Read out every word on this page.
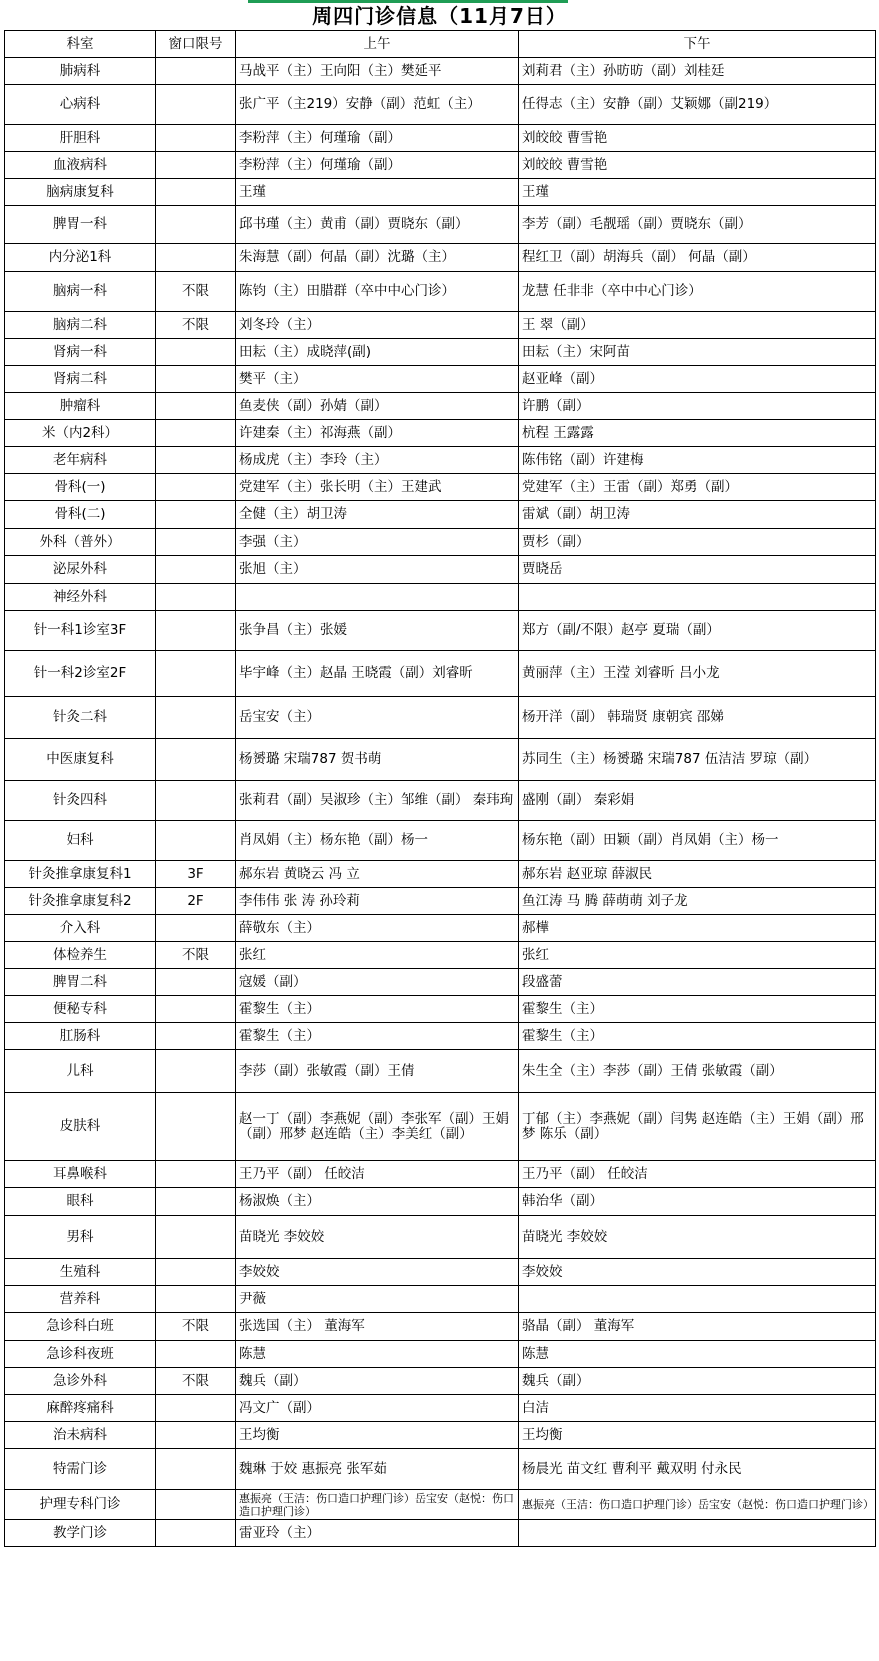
周四门诊信息（11月7日）
科室	窗口限号	上午	下午
肺病科		马战平（主）王向阳（主）樊延平	刘莉君（主）孙昉昉（副）刘桂廷
心病科		张广平（主219）安静（副）范虹（主）	任得志（主）安静（副）艾颖娜（副219）
肝胆科		李粉萍（主）何瑾瑜（副）	刘皎皎 曹雪艳
血液病科		李粉萍（主）何瑾瑜（副）	刘皎皎 曹雪艳
脑病康复科		王瑾	王瑾
脾胃一科		邱书瑾（主）黄甫（副）贾晓东（副）	李芳（副）毛靓瑶（副）贾晓东（副）
内分泌1科		朱海慧（副）何晶（副）沈璐（主）	程红卫（副）胡海兵（副） 何晶（副）
脑病一科	不限	陈钧（主）田腊群（卒中中心门诊）	龙慧 任非非（卒中中心门诊）
脑病二科	不限	刘冬玲（主）	王 翠（副）
肾病一科		田耘（主）成晓萍(副)	田耘（主）宋阿苗
肾病二科		樊平（主）	赵亚峰（副）
肿瘤科		鱼麦侠（副）孙婧（副）	许鹏（副）
米（内2科）		许建秦（主）祁海燕（副）	杭程 王露露
老年病科		杨成虎（主）李玲（主）	陈伟铭（副）许建梅
骨科(一)		党建军（主）张长明（主）王建武	党建军（主）王雷（副）郑勇（副）
骨科(二)		全健（主）胡卫涛	雷斌（副）胡卫涛
外科（普外）		李强（主）	贾杉（副）
泌尿外科		张旭（主）	贾晓岳
神经外科			
针一科1诊室3F		张争昌（主）张媛	郑方（副/不限）赵亭 夏瑞（副）
针一科2诊室2F		毕宇峰（主）赵晶 王晓霞（副）刘睿昕	黄丽萍（主）王滢 刘睿昕 吕小龙
针灸二科		岳宝安（主）	杨开洋（副） 韩瑞贤 康朝宾 邵娣
中医康复科		杨赟璐 宋瑞787 贺书萌	苏同生（主）杨赟璐 宋瑞787 伍洁洁 罗琼（副）
针灸四科		张莉君（副）吴淑珍（主）邹维（副） 秦玮珣	盛刚（副） 秦彩娟
妇科		肖凤娟（主）杨东艳（副）杨一	杨东艳（副）田颖（副）肖凤娟（主）杨一
针灸推拿康复科1	3F	郝东岩 黄晓云 冯 立	郝东岩 赵亚琼 薛淑民
针灸推拿康复科2	2F	李伟伟 张 涛 孙玲莉	鱼江涛 马 腾 薛萌萌 刘子龙
介入科		薛敬东（主）	郝樺
体检养生	不限	张红	张红
脾胃二科		寇媛（副）	段盛蕾
便秘专科		霍黎生（主）	霍黎生（主）
肛肠科		霍黎生（主）	霍黎生（主）
儿科		李莎（副）张敏霞（副）王倩	朱生全（主）李莎（副）王倩 张敏霞（副）
皮肤科		赵一丁（副）李燕妮（副）李张军（副）王娟（副）邢梦 赵连皓（主）李美红（副）	丁郁（主）李燕妮（副）闫隽 赵连皓（主）王娟（副）邢梦 陈乐（副）
耳鼻喉科		王乃平（副） 任皎洁	王乃平（副） 任皎洁
眼科		杨淑焕（主）	韩治华（副）
男科		苗晓光 李姣姣	苗晓光 李姣姣
生殖科		李姣姣	李姣姣
营养科		尹薇	
急诊科白班	不限	张选国（主） 董海军	骆晶（副） 董海军
急诊科夜班		陈慧	陈慧
急诊外科	不限	魏兵（副）	魏兵（副）
麻醉疼痛科		冯文广（副）	白洁
治未病科		王均衡	王均衡
特需门诊		魏琳 于姣 惠振亮 张军茹	杨晨光 苗文红 曹利平 戴双明 付永民
护理专科门诊		惠振亮（王洁：伤口造口护理门诊）岳宝安（赵悦：伤口造口护理门诊）	惠振亮（王洁：伤口造口护理门诊）岳宝安（赵悦：伤口造口护理门诊）
教学门诊		雷亚玲（主）	
